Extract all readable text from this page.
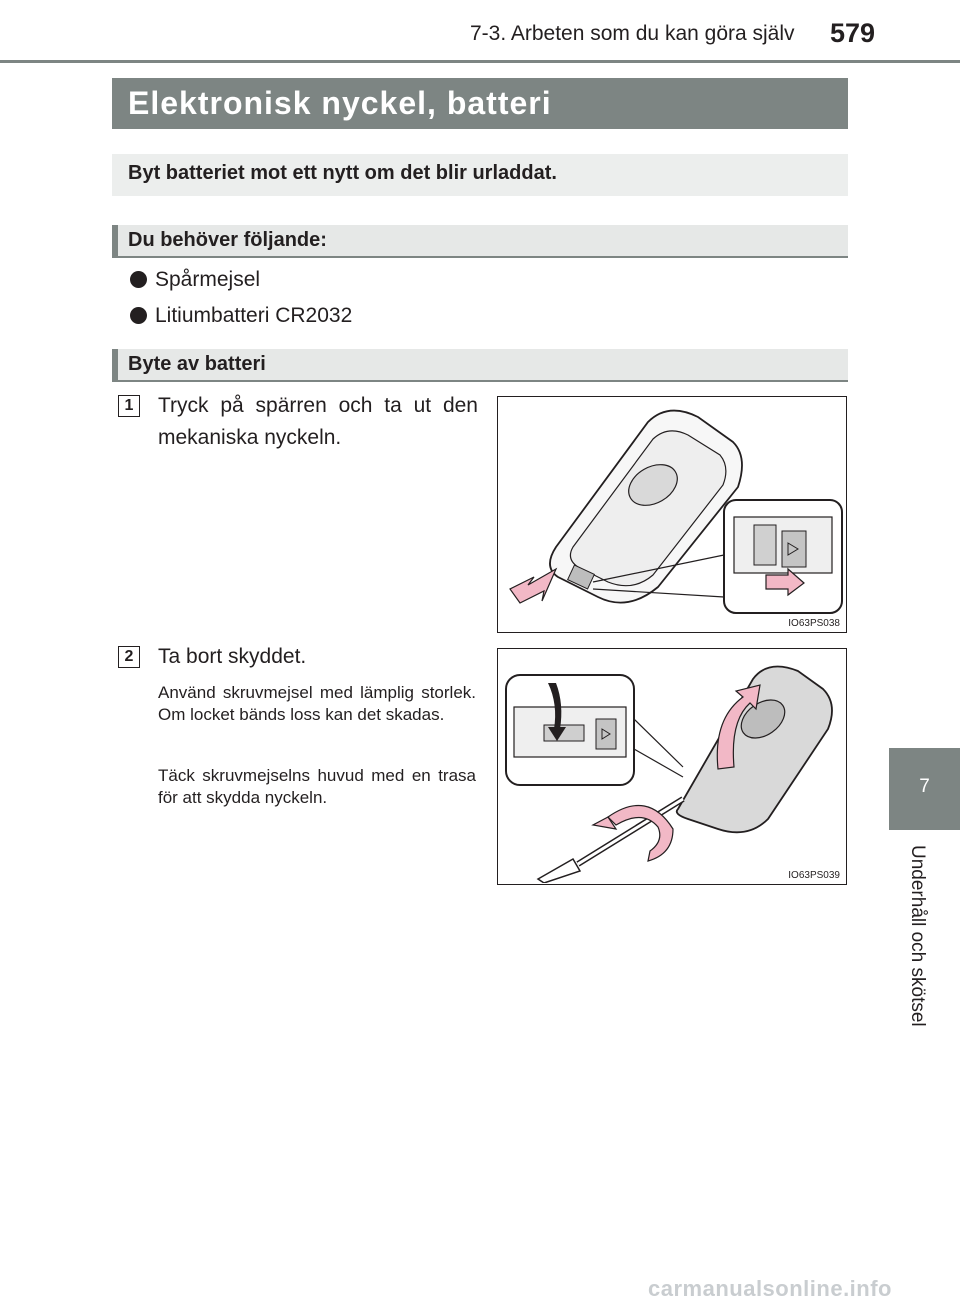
7-3. Arbeten som du kan göra själv 579
Elektronisk nyckel, batteri
Byt batteriet mot ett nytt om det blir urladdat.
Du behöver följande:
Spårmejsel
Litiumbatteri CR2032
Byte av batteri
1	Tryck på spärren och ta ut den mekaniska nyckeln.
IO63PS038
2	Ta bort skyddet.
Använd skruvmejsel med lämplig storlek. Om locket bänds loss kan det skadas.
Täck skruvmejselns huvud med en trasa för att skydda nyckeln.
IO63PS039
7
Underhåll och skötsel
carmanualsonline.info
